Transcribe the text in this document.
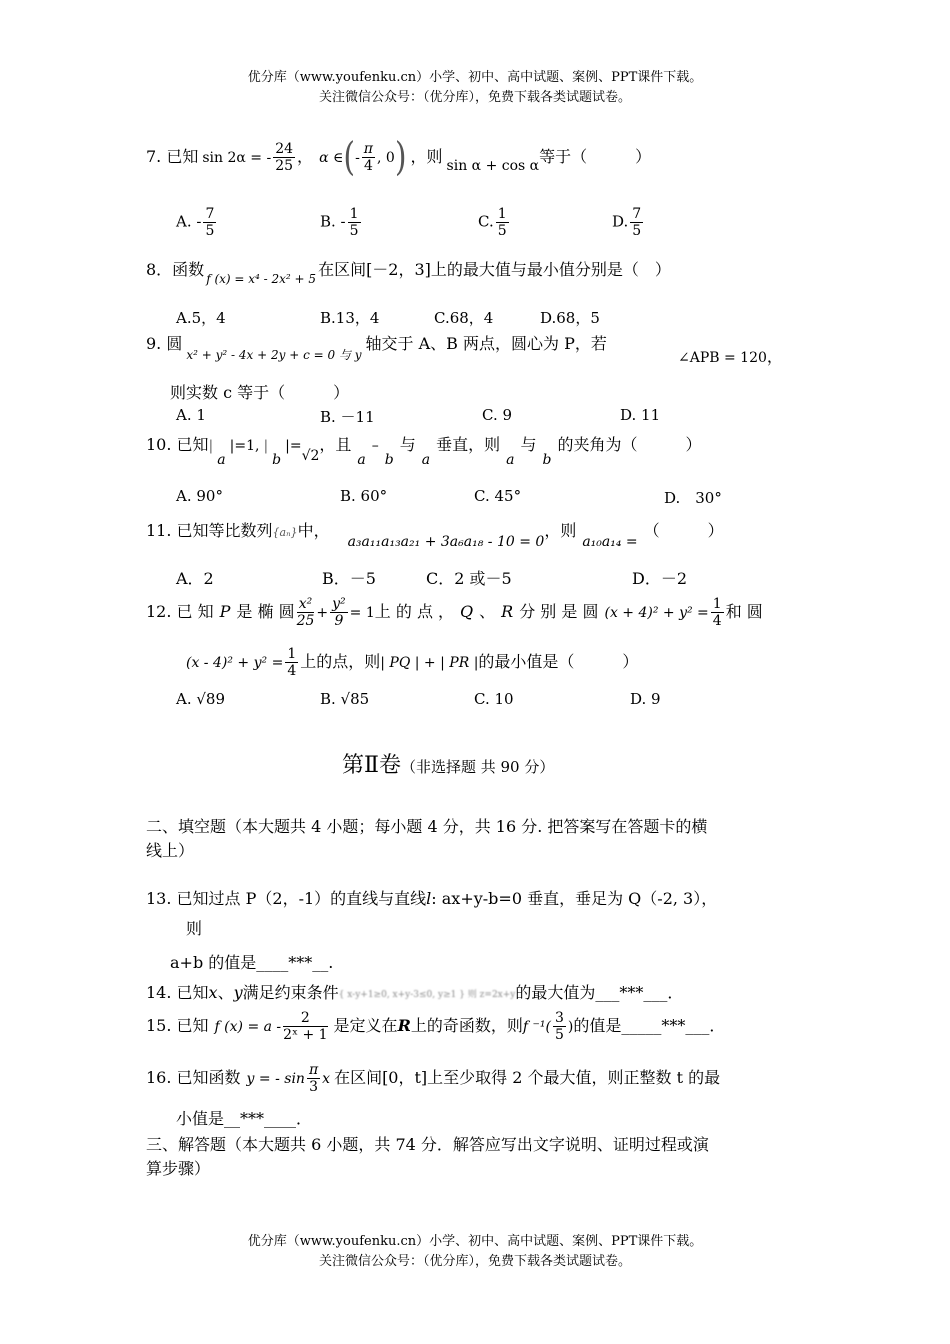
优分库（www.youfenku.cn）小学、初中、高中试题、案例、PPT课件下载。
关注微信公众号：（优分库），免费下载各类试题试卷。
7. 已知 sin 2α = - $\frac{24}{25}$ ， α ∈(- $\frac{\pi}{4}$ , 0) ，则 sin α + cos α等于（　　　）
A. - $\frac{7}{5}$	B. - $\frac{1}{5}$	C. $\frac{1}{5}$	D. $\frac{7}{5}$
8．函数 $_{f (x) = x^4 - 2x^2 + 5}$ 在区间[－2，3]上的最大值与最小值分别是（　）
A.5，4	B.13，4	C.68，4	D.68，5
9. 圆$_{x^2 + y^2 - 4x + 2y + c = 0 与 y}$轴交于 A、B 两点，圆心为 P，若
∠APB = 120，
则实数 c 等于（　　　）
A. 1	B. －11	C. 9	D. 11
10. 已知|a|=1, |b|=√2，且a–b与a垂直，则a与b的夹角为（　　　）
A. 90°	B. 60°	C. 45°	D.　30°
11. 已知等比数列{aₙ}中，a₃a₁₁a₁₃a₂₁ + 3a₆a₁₈ - 10 = 0，则a₁₀a₁₄ =（　　　）
A．2	B．－5	C．2 或－5	D．－2
12. 已 知 P 是 椭 圆 $\frac{\text{x²}}{25} + \frac{\text{y²}}{9} = 1$上 的 点 ， Q 、 R 分 别 是 圆 $(x + 4)^2 + y^2 = \frac{1}{4}$ 和 圆
$(x - 4)^2 + y^2 = \frac{1}{4}$ 上的点，则| PQ | + | PR |的最小值是（　　　）
A. √89	B. √85	C. 10	D. 9
第Ⅱ卷（非选择题 共 90 分）
二、填空题（本大题共 4 小题；每小题 4 分，共 16 分. 把答案写在答题卡的横
线上）
13. 已知过点 P（2，-1）的直线与直线l: ax+y-b=0 垂直，垂足为 Q（-2, 3），
则
a+b 的值是____***__.
14. 已知x、y满足约束条件{ x-y+1≥0, x+y-3≤0, y≥1 } 则 z=2x+y的最大值为___***___．
15. 已知 f $(x) = a - \frac{2}{\text{2ˣ + 1}}$ 是定义在R上的奇函数，则f $^{-1}( \frac{3}{5}$ )的值是_____***___．
16. 已知函数 y = - $\sin \frac{\pi}{3}$ x 在区间[0，t]上至少取得 2 个最大值，则正整数 t 的最
小值是__***____．
三、解答题（本大题共 6 小题，共 74 分．解答应写出文字说明、证明过程或演
算步骤）
优分库（www.youfenku.cn）小学、初中、高中试题、案例、PPT课件下载。
关注微信公众号：（优分库），免费下载各类试题试卷。
